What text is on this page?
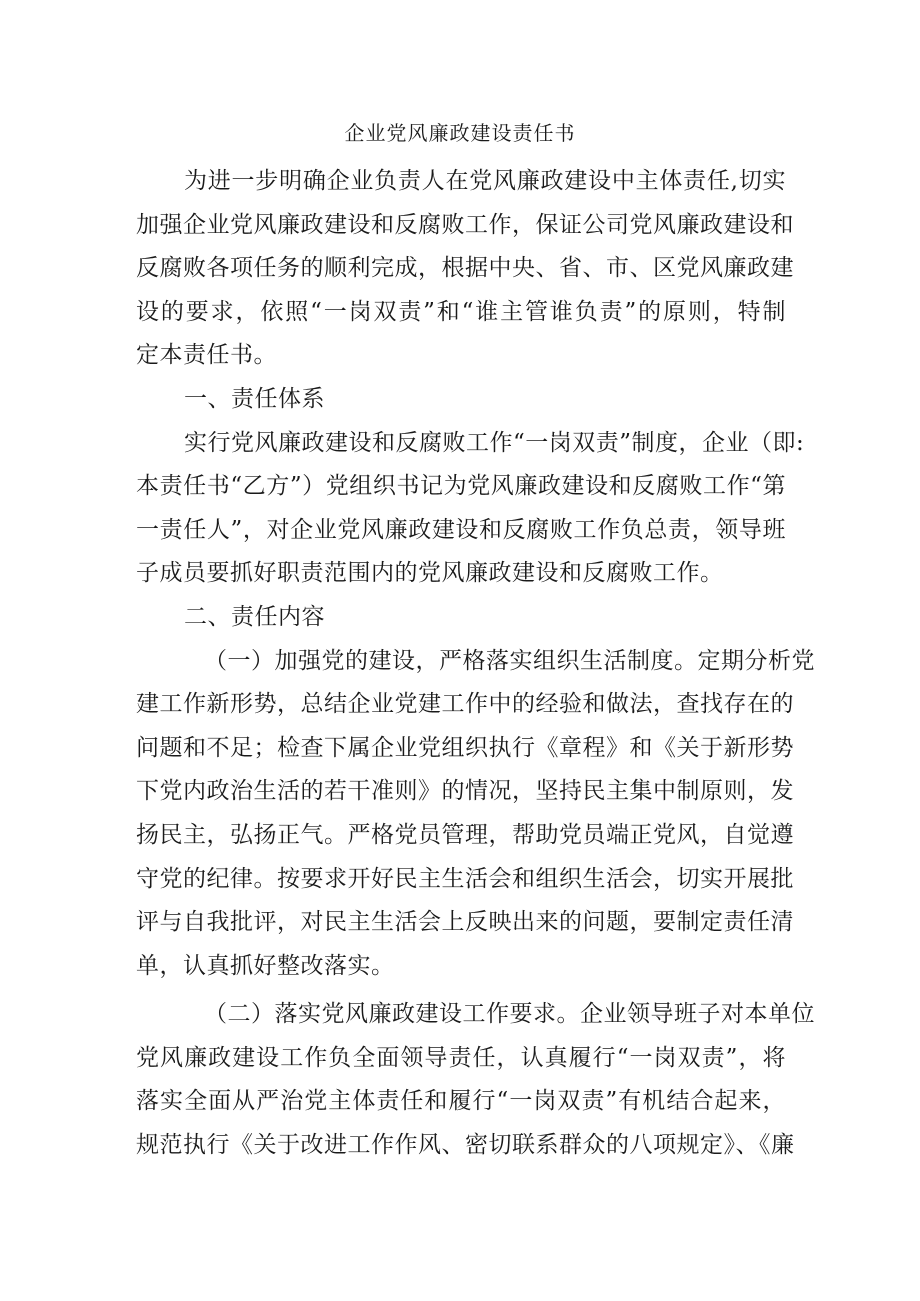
企业党风廉政建设责任书
为进一步明确企业负责人在党风廉政建设中主体责任,切实
加强企业党风廉政建设和反腐败工作，保证公司党风廉政建设和
反腐败各项任务的顺利完成，根据中央、省、市、区党风廉政建
设的要求，依照“一岗双责”和“谁主管谁负责”的原则，特制
定本责任书。
一、责任体系
实行党风廉政建设和反腐败工作“一岗双责”制度，企业（即:
本责任书“乙方”）党组织书记为党风廉政建设和反腐败工作“第
一责任人”，对企业党风廉政建设和反腐败工作负总责，领导班
子成员要抓好职责范围内的党风廉政建设和反腐败工作。
二、责任内容
（一）加强党的建设，严格落实组织生活制度。定期分析党
建工作新形势，总结企业党建工作中的经验和做法，查找存在的
问题和不足；检查下属企业党组织执行《章程》和《关于新形势
下党内政治生活的若干准则》的情况，坚持民主集中制原则，发
扬民主，弘扬正气。严格党员管理，帮助党员端正党风，自觉遵
守党的纪律。按要求开好民主生活会和组织生活会，切实开展批
评与自我批评，对民主生活会上反映出来的问题，要制定责任清
单，认真抓好整改落实。
（二）落实党风廉政建设工作要求。企业领导班子对本单位
党风廉政建设工作负全面领导责任，认真履行“一岗双责”，将
落实全面从严治党主体责任和履行“一岗双责”有机结合起来，
规范执行《关于改进工作作风、密切联系群众的八项规定》、《廉
